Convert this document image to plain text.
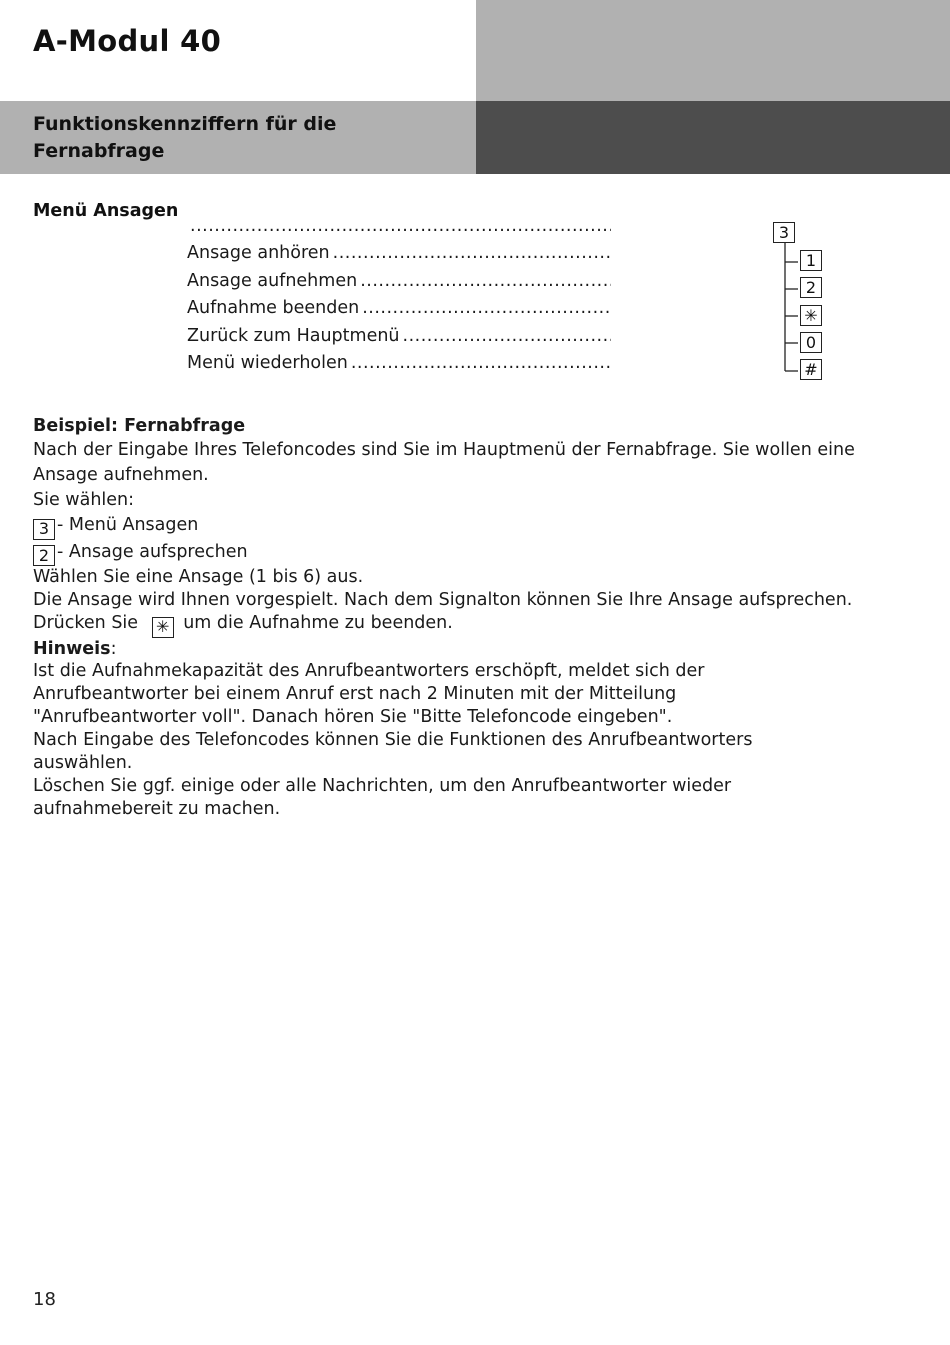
A-Modul 40
Funktionskennziffern für die Fernabfrage
Menü Ansagen
.....
Ansage anhören
.....
Ansage aufnehmen
.....
Aufnahme beenden
.....
Zurück zum Hauptmenü
.....
Menü wiederholen
.....
3
1
2
✳
0
#
Beispiel: Fernabfrage
Nach der Eingabe Ihres Telefoncodes sind Sie im Hauptmenü der Fernabfrage. Sie wollen eine Ansage aufnehmen.
Sie wählen:
3 - Menü Ansagen
2 - Ansage aufsprechen
Wählen Sie eine Ansage (1 bis 6) aus.
Die Ansage wird Ihnen vorgespielt. Nach dem Signalton können Sie Ihre Ansage aufsprechen.
Drücken Sie ✳ um die Aufnahme zu beenden.
Hinweis:
Ist die Aufnahmekapazität des Anrufbeantworters erschöpft, meldet sich der
Anrufbeantworter bei einem Anruf erst nach 2 Minuten mit der Mitteilung
"Anrufbeantworter voll". Danach hören Sie "Bitte Telefoncode eingeben".
Nach Eingabe des Telefoncodes können Sie die Funktionen des Anrufbeantworters
auswählen.
Löschen Sie ggf. einige oder alle Nachrichten, um den Anrufbeantworter wieder
aufnahmebereit zu machen.
18
